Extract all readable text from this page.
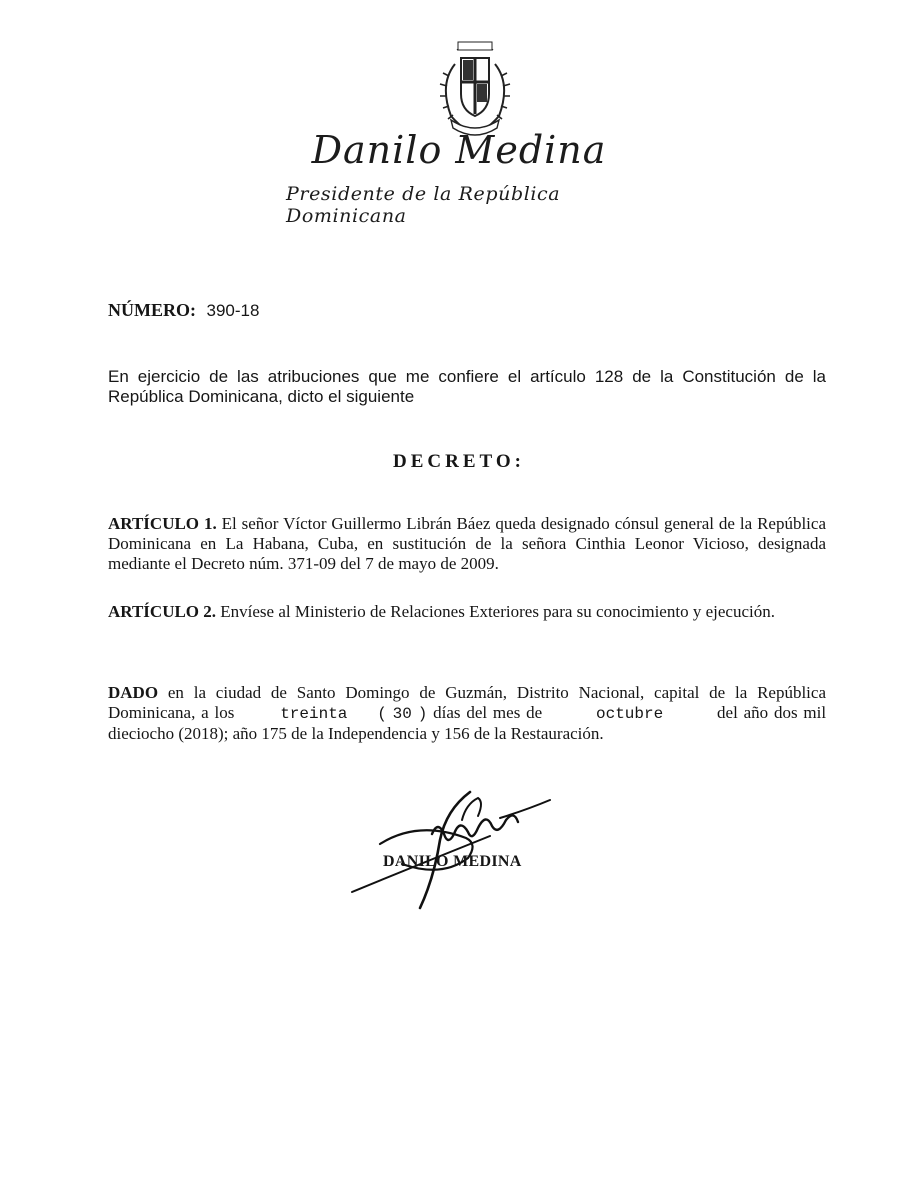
Danilo Medina
Presidente de la República Dominicana
NÚMERO: 390-18
En ejercicio de las atribuciones que me confiere el artículo 128 de la Constitución de la República Dominicana, dicto el siguiente
DECRETO:
ARTÍCULO 1. El señor Víctor Guillermo Librán Báez queda designado cónsul general de la República Dominicana en La Habana, Cuba, en sustitución de la señora Cinthia Leonor Vicioso, designada mediante el Decreto núm. 371-09 del 7 de mayo de 2009.
ARTÍCULO 2. Envíese al Ministerio de Relaciones Exteriores para su conocimiento y ejecución.
DADO en la ciudad de Santo Domingo de Guzmán, Distrito Nacional, capital de la República Dominicana, a los	treinta ( 30 ) días del mes de	octubre	del año dos mil dieciocho (2018); año 175 de la Independencia y 156 de la Restauración.
DANILO MEDINA
